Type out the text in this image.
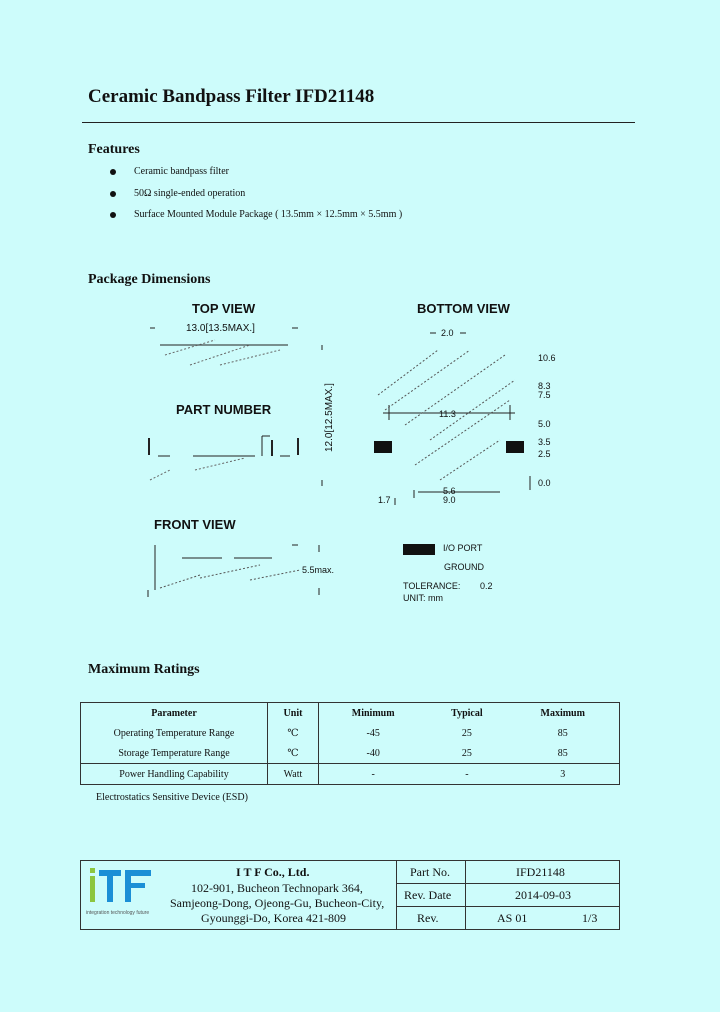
Ceramic Bandpass Filter IFD21148
Features
Ceramic bandpass filter
50Ω single-ended operation
Surface Mounted Module Package ( 13.5mm × 12.5mm × 5.5mm )
Package Dimensions
TOP VIEW
13.0[13.5MAX.]
PART NUMBER	12.0[12.5MAX.]
BOTTOM VIEW
2.0
11.3
10.6
8.3
7.5
5.0
3.5
2.5
0.0
1.7
5.6
9.0
FRONT VIEW
5.5max.
I/O PORT
GROUND
TOLERANCE: 0.2
UNIT: mm
Maximum Ratings
Parameter	Unit	Minimum	Typical	Maximum
Operating Temperature Range	℃	-45	25	85
Storage Temperature Range	℃	-40	25	85
Power Handling Capability	Watt	-	-	3
Electrostatics Sensitive Device (ESD)
integration technology future
I T F Co., Ltd.
102-901, Bucheon Technopark 364,
Samjeong-Dong, Ojeong-Gu, Bucheon-City,
Gyounggi-Do, Korea 421-809
Part No.	IFD21148
Rev. Date	2014-09-03
Rev.	AS 01	1/3
